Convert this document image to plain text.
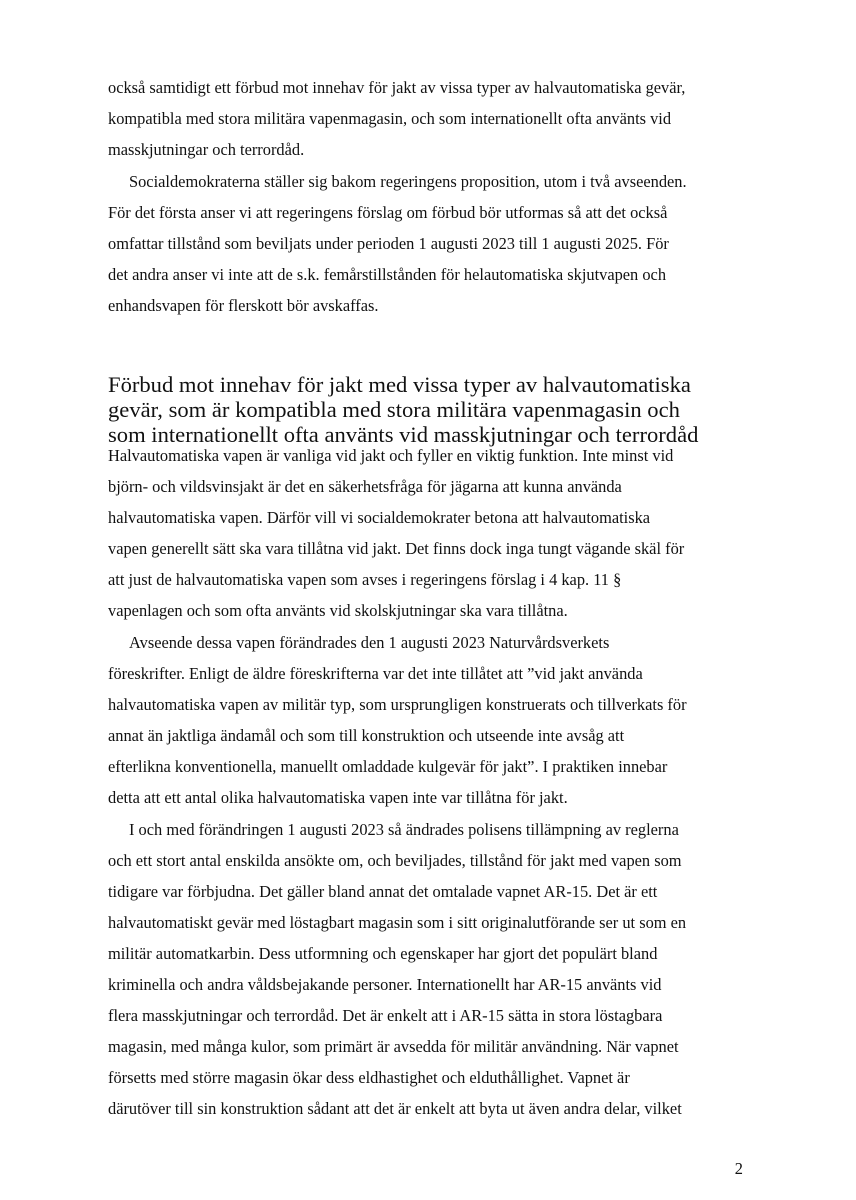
också samtidigt ett förbud mot innehav för jakt av vissa typer av halvautomatiska gevär,
kompatibla med stora militära vapenmagasin, och som internationellt ofta använts vid
masskjutningar och terrordåd.
Socialdemokraterna ställer sig bakom regeringens proposition, utom i två avseenden.
För det första anser vi att regeringens förslag om förbud bör utformas så att det också
omfattar tillstånd som beviljats under perioden 1 augusti 2023 till 1 augusti 2025. För
det andra anser vi inte att de s.k. femårstillstånden för helautomatiska skjutvapen och
enhandsvapen för flerskott bör avskaffas.
Förbud mot innehav för jakt med vissa typer av halvautomatiska
gevär, som är kompatibla med stora militära vapenmagasin och
som internationellt ofta använts vid masskjutningar och terrordåd
Halvautomatiska vapen är vanliga vid jakt och fyller en viktig funktion. Inte minst vid
björn- och vildsvinsjakt är det en säkerhetsfråga för jägarna att kunna använda
halvautomatiska vapen. Därför vill vi socialdemokrater betona att halvautomatiska
vapen generellt sätt ska vara tillåtna vid jakt. Det finns dock inga tungt vägande skäl för
att just de halvautomatiska vapen som avses i regeringens förslag i 4 kap. 11 §
vapenlagen och som ofta använts vid skolskjutningar ska vara tillåtna.
Avseende dessa vapen förändrades den 1 augusti 2023 Naturvårdsverkets
föreskrifter. Enligt de äldre föreskrifterna var det inte tillåtet att ”vid jakt använda
halvautomatiska vapen av militär typ, som ursprungligen konstruerats och tillverkats för
annat än jaktliga ändamål och som till konstruktion och utseende inte avsåg att
efterlikna konventionella, manuellt omladdade kulgevär för jakt”. I praktiken innebar
detta att ett antal olika halvautomatiska vapen inte var tillåtna för jakt.
I och med förändringen 1 augusti 2023 så ändrades polisens tillämpning av reglerna
och ett stort antal enskilda ansökte om, och beviljades, tillstånd för jakt med vapen som
tidigare var förbjudna. Det gäller bland annat det omtalade vapnet AR-15. Det är ett
halvautomatiskt gevär med löstagbart magasin som i sitt originalutförande ser ut som en
militär automatkarbin. Dess utformning och egenskaper har gjort det populärt bland
kriminella och andra våldsbejakande personer. Internationellt har AR-15 använts vid
flera masskjutningar och terrordåd. Det är enkelt att i AR-15 sätta in stora löstagbara
magasin, med många kulor, som primärt är avsedda för militär användning. När vapnet
försetts med större magasin ökar dess eldhastighet och elduthållighet. Vapnet är
därutöver till sin konstruktion sådant att det är enkelt att byta ut även andra delar, vilket
2
